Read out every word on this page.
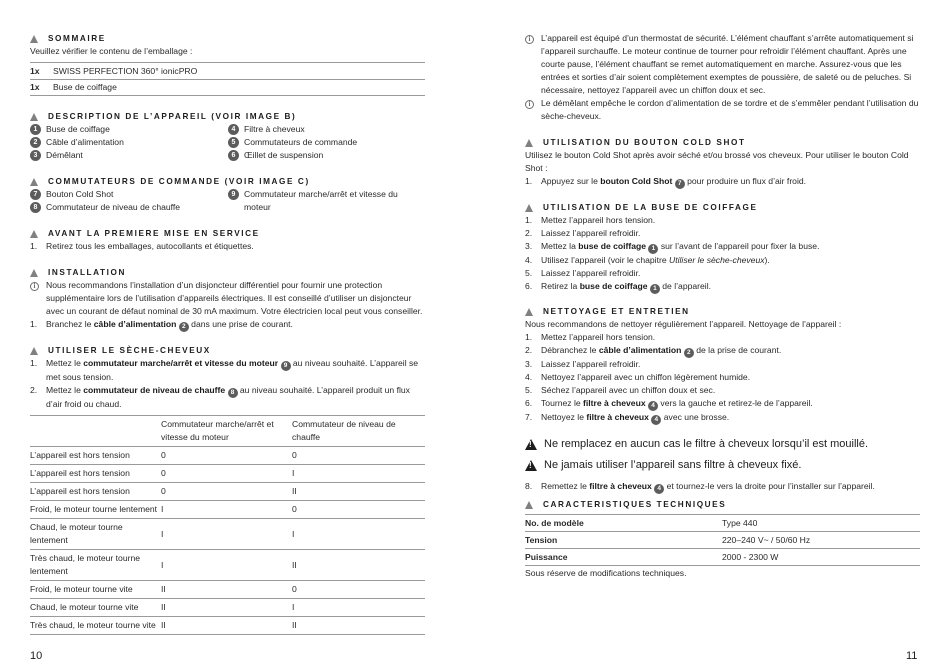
SOMMAIRE

Veuillez vérifier le contenu de l’emballage :

1x	SWISS PERFECTION 360° ionicPRO
1x	Buse de coiffage
DESCRIPTION DE L’APPAREIL (VOIR IMAGE B)
1 Buse de coiffage	4 Filtre à cheveux
2 Câble d’alimentation	5 Commutateurs de commande
3 Démêlant	6 Œillet de suspension
COMMUTATEURS DE COMMANDE (VOIR IMAGE C)
7 Bouton Cold Shot	9 Commutateur marche/arrêt et vitesse du moteur
8 Commutateur de niveau de chauffe
AVANT LA PREMIERE MISE EN SERVICE
1.	Retirez tous les emballages, autocollants et étiquettes.
INSTALLATION
i	Nous recommandons l’installation d’un disjoncteur différentiel pour fournir une protection supplémentaire lors de l’utilisation d’appareils électriques. Il est conseillé d’utiliser un disjoncteur avec un courant de défaut nominal de 30 mA maximum. Votre électricien local peut vous conseiller.
1.	Branchez le câble d’alimentation 2 dans une prise de courant.
UTILISER LE SÈCHE-CHEVEUX
1.	Mettez le commutateur marche/arrêt et vitesse du moteur 9 au niveau souhaité. L’appareil se met sous tension.
2.	Mettez le commutateur de niveau de chauffe 8 au niveau souhaité. L’appareil produit un flux d’air froid ou chaud.
	Commutateur marche/arrêt et vitesse du moteur	Commutateur de niveau de chauffe
L’appareil est hors tension	0	0
L’appareil est hors tension	0	I
L’appareil est hors tension	0	II
Froid, le moteur tourne lentement	I	0
Chaud, le moteur tourne lentement	I	I
Très chaud, le moteur tourne lentement	I	II
Froid, le moteur tourne vite	II	0
Chaud, le moteur tourne vite	II	I
Très chaud, le moteur tourne vite	II	II
10
i	L’appareil est équipé d’un thermostat de sécurité. L’élément chauffant s’arrête automatiquement si l’appareil surchauffe. Le moteur continue de tourner pour refroidir l’élément chauffant. Après une courte pause, l’élément chauffant se remet automatiquement en marche. Assurez-vous que les entrées et sorties d’air soient complètement exemptes de poussière, de saleté ou de peluches. Si nécessaire, nettoyez l’appareil avec un chiffon doux et sec.
i	Le démêlant empêche le cordon d’alimentation de se tordre et de s’emmêler pendant l’utilisation du sèche-cheveux.
UTILISATION DU BOUTON COLD SHOT

Utilisez le bouton Cold Shot après avoir séché et/ou brossé vos cheveux. Pour utiliser le bouton Cold Shot :

1.	Appuyez sur le bouton Cold Shot 7 pour produire un flux d’air froid.
UTILISATION DE LA BUSE DE COIFFAGE
1.	Mettez l’appareil hors tension.
2.	Laissez l’appareil refroidir.
3.	Mettez la buse de coiffage 1 sur l’avant de l’appareil pour fixer la buse.
4.	Utilisez l’appareil (voir le chapitre Utiliser le sèche-cheveux).
5.	Laissez l’appareil refroidir.
6.	Retirez la buse de coiffage 1 de l’appareil.
NETTOYAGE ET ENTRETIEN

Nous recommandons de nettoyer régulièrement l’appareil. Nettoyage de l’appareil :

1.	Mettez l’appareil hors tension.
2.	Débranchez le câble d’alimentation 2 de la prise de courant.
3.	Laissez l’appareil refroidir.
4.	Nettoyez l’appareil avec un chiffon légèrement humide.
5.	Séchez l’appareil avec un chiffon doux et sec.
6.	Tournez le filtre à cheveux 4 vers la gauche et retirez-le de l’appareil.
7.	Nettoyez le filtre à cheveux 4 avec une brosse.
!
Ne remplacez en aucun cas le filtre à cheveux lorsqu’il est mouillé.
!
Ne jamais utiliser l’appareil sans filtre à cheveux fixé.
8.	Remettez le filtre à cheveux 4 et tournez-le vers la droite pour l’installer sur l’appareil.
CARACTERISTIQUES TECHNIQUES
No. de modèle	Type 440
Tension	220–240 V~ / 50/60 Hz
Puissance	2000 - 2300 W

Sous réserve de modifications techniques.

11
